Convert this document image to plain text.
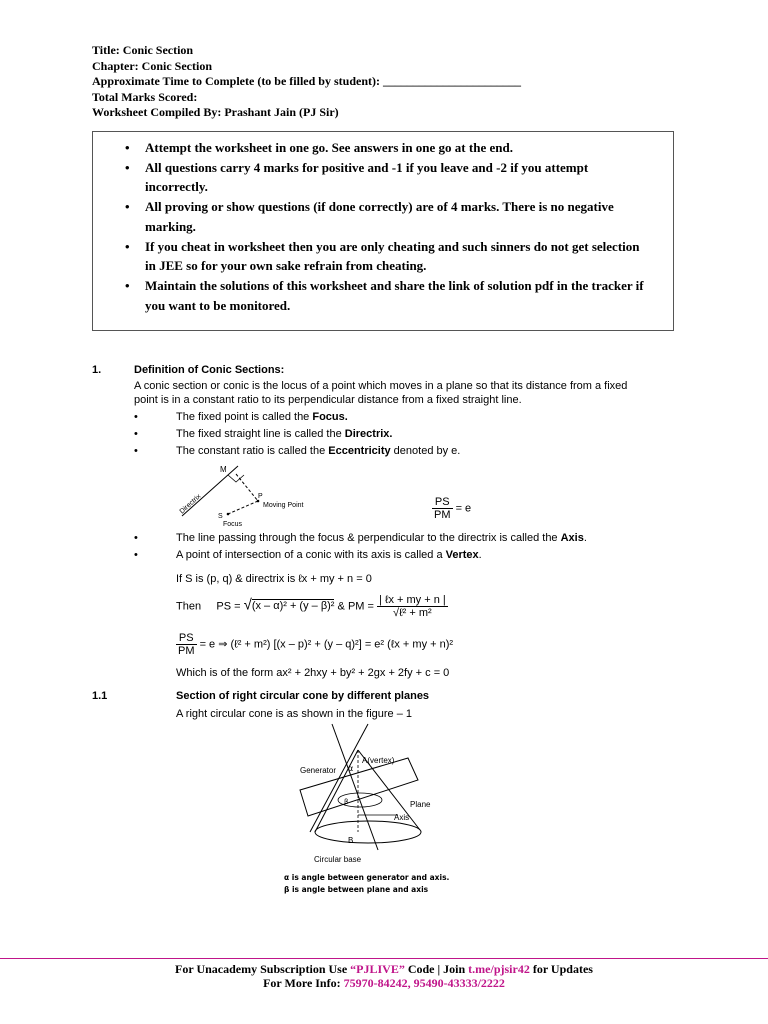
Title: Conic Section
Chapter: Conic Section
Approximate Time to Complete (to be filled by student): _______________________
Total Marks Scored:
Worksheet Compiled By: Prashant Jain (PJ Sir)
• Attempt the worksheet in one go. See answers in one go at the end.
• All questions carry 4 marks for positive and -1 if you leave and -2 if you attempt incorrectly.
• All proving or show questions (if done correctly) are of 4 marks. There is no negative marking.
• If you cheat in worksheet then you are only cheating and such sinners do not get selection in JEE so for your own sake refrain from cheating.
• Maintain the solutions of this worksheet and share the link of solution pdf in the tracker if you want to be monitored.
1.	Definition of Conic Sections:
A conic section or conic is the locus of a point which moves in a plane so that its distance from a fixed
point is in a constant ratio to its perpendicular distance from a fixed straight line.
•	The fixed point is called the Focus.
•	The fixed straight line is called the Directrix.
•	The constant ratio is called the Eccentricity denoted by e.
M
P
Moving Point
S
Focus
Directrix	$\frac{PS}{PM} = e$
•	The line passing through the focus & perpendicular to the directrix is called the Axis.
•	A point of intersection of a conic with its axis is called a Vertex.
If S is (p, q) & directrix is ℓx + my + n = 0
Then PS = √(x – α)² + (y – β)² & PM = $\frac{\text{| ℓx + my + n |}}{\text{√ℓ² + m²}}$
$\frac{PS}{PM} = e$ ⇒ (ℓ² + m²) [(x – p)² + (y – q)²] = e² (ℓx + my + n)²
Which is of the form ax² + 2hxy + by² + 2gx + 2fy + c = 0
1.1	Section of right circular cone by different planes
A right circular cone is as shown in the figure – 1
A(vertex)
Generator α
β	Plane
Axis
B
Circular base
α is angle between generator and axis.
β is angle between plane and axis
For Unacademy Subscription Use “PJLIVE” Code | Join t.me/pjsir42 for Updates
For More Info: 75970-84242, 95490-43333/2222
